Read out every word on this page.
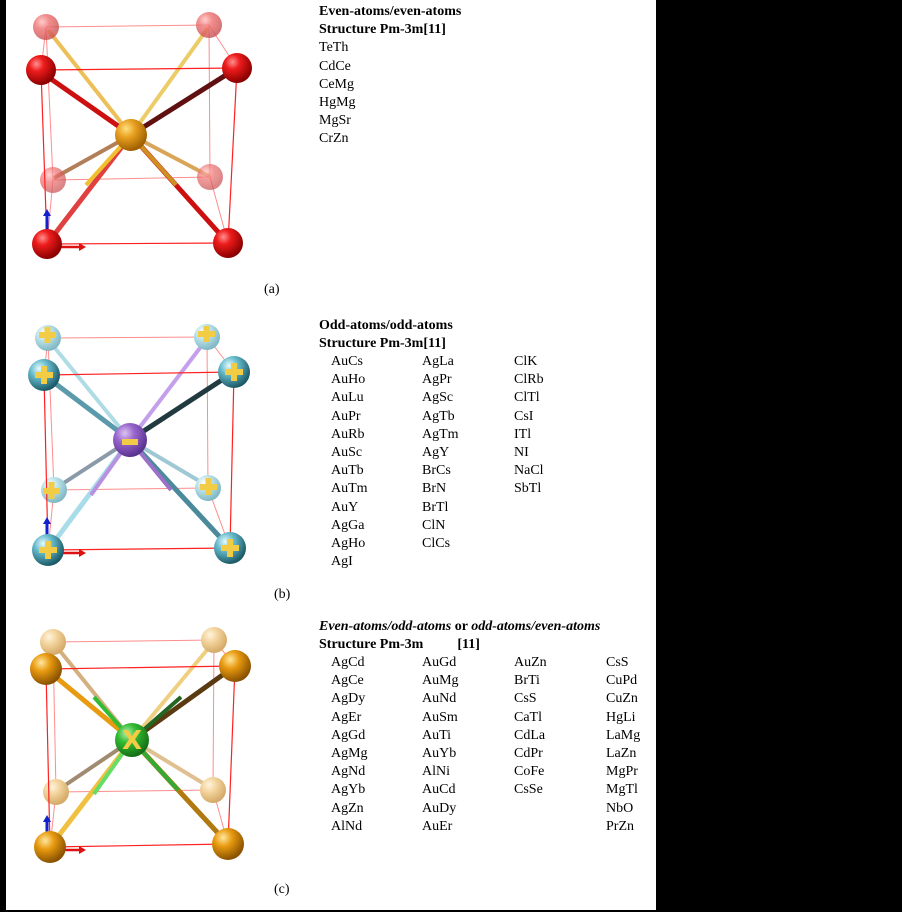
(a)
Even-atoms/even-atoms
Structure Pm-3m[11]
TeTh
CdCe
CeMg
HgMg
MgSr
CrZn
(b)
Odd-atoms/odd-atoms
Structure Pm-3m[11]
AuCs
AuHo
AuLu
AuPr
AuRb
AuSc
AuTb
AuTm
AuY
AgGa
AgHo
AgI
AgLa
AgPr
AgSc
AgTb
AgTm
AgY
BrCs
BrN
BrTl
ClN
ClCs
ClK
ClRb
ClTl
CsI
ITl
NI
NaCl
SbTl
X
(c)
Even-atoms/odd-atoms or odd-atoms/even-atoms
Structure Pm-3m [11]
AgCd
AgCe
AgDy
AgEr
AgGd
AgMg
AgNd
AgYb
AgZn
AlNd
AuGd
AuMg
AuNd
AuSm
AuTi
AuYb
AlNi
AuCd
AuDy
AuEr
AuZn
BrTi
CsS
CaTl
CdLa
CdPr
CoFe
CsSe
CsS
CuPd
CuZn
HgLi
LaMg
LaZn
MgPr
MgTl
NbO
PrZn
